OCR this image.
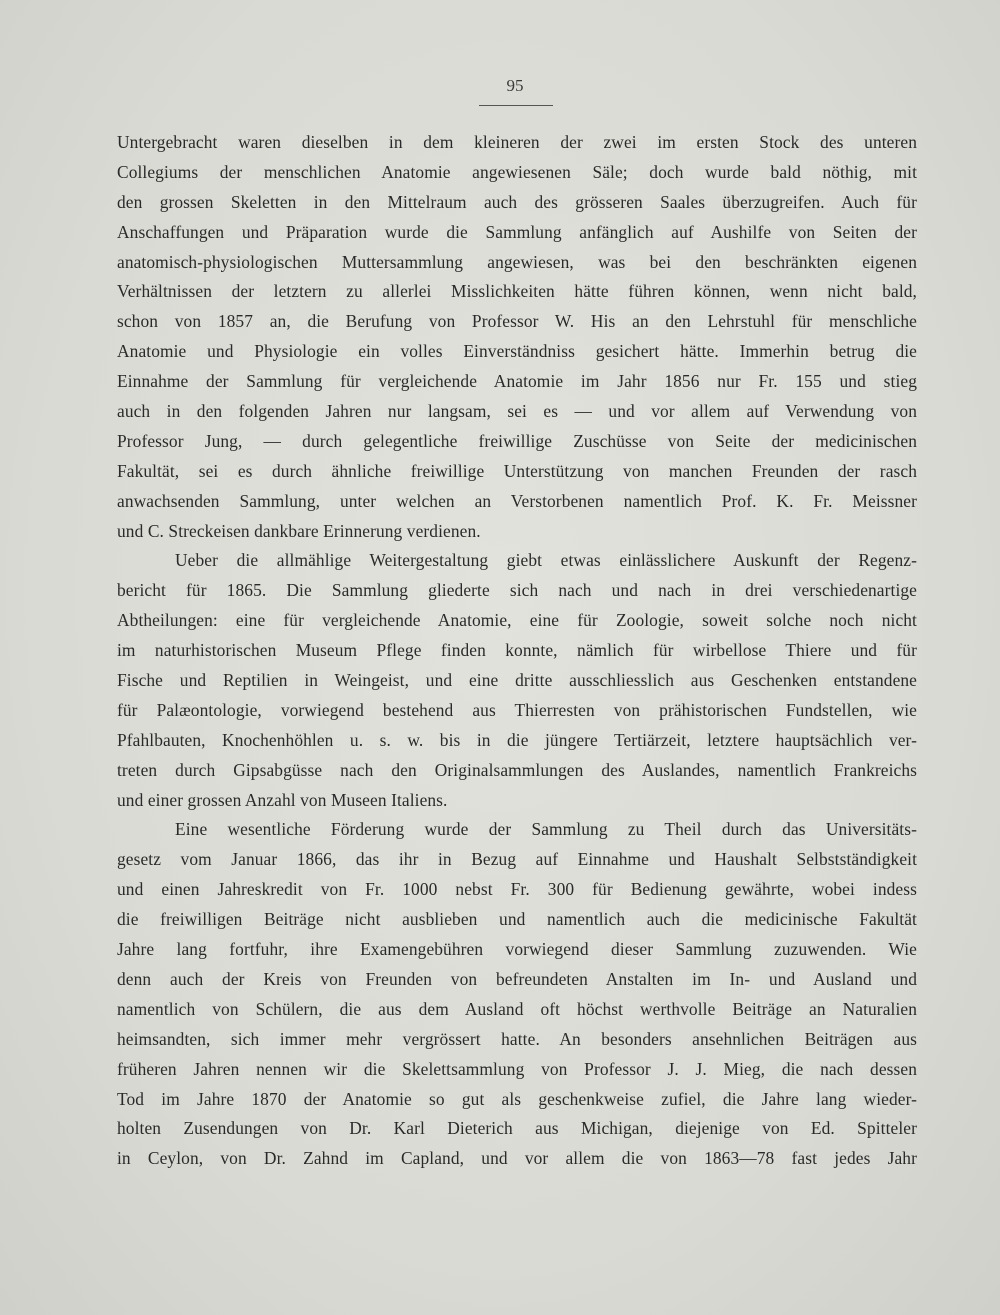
95
Untergebracht waren dieselben in dem kleineren der zwei im ersten Stock des unteren
Collegiums der menschlichen Anatomie angewiesenen Säle; doch wurde bald nöthig, mit
den grossen Skeletten in den Mittelraum auch des grösseren Saales überzugreifen. Auch für
Anschaffungen und Präparation wurde die Sammlung anfänglich auf Aushilfe von Seiten der
anatomisch-physiologischen Muttersammlung angewiesen, was bei den beschränkten eigenen
Verhältnissen der letztern zu allerlei Misslichkeiten hätte führen können, wenn nicht bald,
schon von 1857 an, die Berufung von Professor W. His an den Lehrstuhl für menschliche
Anatomie und Physiologie ein volles Einverständniss gesichert hätte. Immerhin betrug die
Einnahme der Sammlung für vergleichende Anatomie im Jahr 1856 nur Fr. 155 und stieg
auch in den folgenden Jahren nur langsam, sei es — und vor allem auf Verwendung von
Professor Jung, — durch gelegentliche freiwillige Zuschüsse von Seite der medicinischen
Fakultät, sei es durch ähnliche freiwillige Unterstützung von manchen Freunden der rasch
anwachsenden Sammlung, unter welchen an Verstorbenen namentlich Prof. K. Fr. Meissner
und C. Streckeisen dankbare Erinnerung verdienen.
Ueber die allmählige Weitergestaltung giebt etwas einlässlichere Auskunft der Regenz-
bericht für 1865. Die Sammlung gliederte sich nach und nach in drei verschiedenartige
Abtheilungen: eine für vergleichende Anatomie, eine für Zoologie, soweit solche noch nicht
im naturhistorischen Museum Pflege finden konnte, nämlich für wirbellose Thiere und für
Fische und Reptilien in Weingeist, und eine dritte ausschliesslich aus Geschenken entstandene
für Palæontologie, vorwiegend bestehend aus Thierresten von prähistorischen Fundstellen, wie
Pfahlbauten, Knochenhöhlen u. s. w. bis in die jüngere Tertiärzeit, letztere hauptsächlich ver-
treten durch Gipsabgüsse nach den Originalsammlungen des Auslandes, namentlich Frankreichs
und einer grossen Anzahl von Museen Italiens.
Eine wesentliche Förderung wurde der Sammlung zu Theil durch das Universitäts-
gesetz vom Januar 1866, das ihr in Bezug auf Einnahme und Haushalt Selbstständigkeit
und einen Jahreskredit von Fr. 1000 nebst Fr. 300 für Bedienung gewährte, wobei indess
die freiwilligen Beiträge nicht ausblieben und namentlich auch die medicinische Fakultät
Jahre lang fortfuhr, ihre Examengebühren vorwiegend dieser Sammlung zuzuwenden. Wie
denn auch der Kreis von Freunden von befreundeten Anstalten im In- und Ausland und
namentlich von Schülern, die aus dem Ausland oft höchst werthvolle Beiträge an Naturalien
heimsandten, sich immer mehr vergrössert hatte. An besonders ansehnlichen Beiträgen aus
früheren Jahren nennen wir die Skelettsammlung von Professor J. J. Mieg, die nach dessen
Tod im Jahre 1870 der Anatomie so gut als geschenkweise zufiel, die Jahre lang wieder-
holten Zusendungen von Dr. Karl Dieterich aus Michigan, diejenige von Ed. Spitteler
in Ceylon, von Dr. Zahnd im Capland, und vor allem die von 1863—78 fast jedes Jahr
